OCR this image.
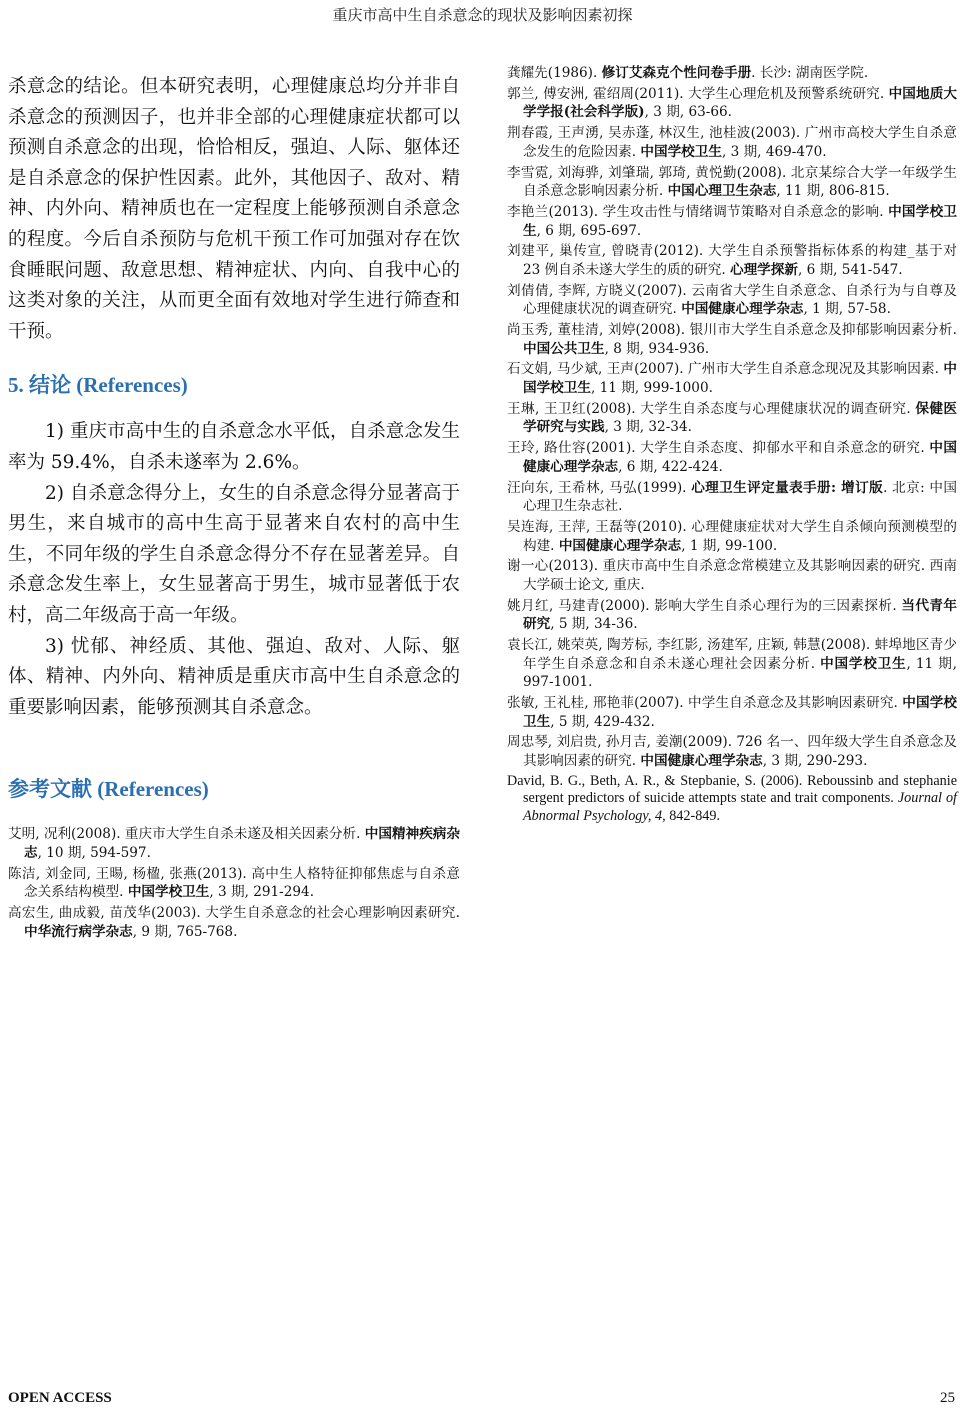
重庆市高中生自杀意念的现状及影响因素初探

杀意念的结论。但本研究表明，心理健康总均分并非自杀意念的预测因子，也并非全部的心理健康症状都可以预测自杀意念的出现，恰恰相反，强迫、人际、躯体还是自杀意念的保护性因素。此外，其他因子、敌对、精神、内外向、精神质也在一定程度上能够预测自杀意念的程度。今后自杀预防与危机干预工作可加强对存在饮食睡眠问题、敌意思想、精神症状、内向、自我中心的这类对象的关注，从而更全面有效地对学生进行筛查和干预。

5. 结论 (References)

1) 重庆市高中生的自杀意念水平低，自杀意念发生率为 59.4%，自杀未遂率为 2.6%。

2) 自杀意念得分上，女生的自杀意念得分显著高于男生，来自城市的高中生高于显著来自农村的高中生生，不同年级的学生自杀意念得分不存在显著差异。自杀意念发生率上，女生显著高于男生，城市显著低于农村，高二年级高于高一年级。

3) 忧郁、神经质、其他、强迫、敌对、人际、躯体、精神、内外向、精神质是重庆市高中生自杀意念的重要影响因素，能够预测其自杀意念。

参考文献 (References)
艾明, 况利(2008). 重庆市大学生自杀未遂及相关因素分析. 中国精神疾病杂志, 10 期, 594-597.
陈洁, 刘金同, 王暘, 杨楹, 张燕(2013). 高中生人格特征抑郁焦虑与自杀意念关系结构模型. 中国学校卫生, 3 期, 291-294.
高宏生, 曲成毅, 苗茂华(2003). 大学生自杀意念的社会心理影响因素研究. 中华流行病学杂志, 9 期, 765-768.
龚耀先(1986). 修订艾森克个性问卷手册. 长沙: 湖南医学院.
郭兰, 傅安洲, 霍绍周(2011). 大学生心理危机及预警系统研究. 中国地质大学学报(社会科学版), 3 期, 63-66.
荆春霞, 王声湧, 吴赤蓬, 林汉生, 池桂波(2003). 广州市高校大学生自杀意念发生的危险因素. 中国学校卫生, 3 期, 469-470.
李雪霓, 刘海骅, 刘肇瑞, 郭琦, 黄悦勤(2008). 北京某综合大学一年级学生自杀意念影响因素分析. 中国心理卫生杂志, 11 期, 806-815.
李艳兰(2013). 学生攻击性与情绪调节策略对自杀意念的影响. 中国学校卫生, 6 期, 695-697.
刘建平, 巢传宣, 曾晓青(2012). 大学生自杀预警指标体系的构建_基于对 23 例自杀未遂大学生的质的研究. 心理学探新, 6 期, 541-547.
刘倩倩, 李辉, 方晓义(2007). 云南省大学生自杀意念、自杀行为与自尊及心理健康状况的调查研究. 中国健康心理学杂志, 1 期, 57-58.
尚玉秀, 董桂清, 刘婷(2008). 银川市大学生自杀意念及抑郁影响因素分析. 中国公共卫生, 8 期, 934-936.
石文娟, 马少斌, 王声(2007). 广州市大学生自杀意念现况及其影响因素. 中国学校卫生, 11 期, 999-1000.
王琳, 王卫红(2008). 大学生自杀态度与心理健康状况的调查研究. 保健医学研究与实践, 3 期, 32-34.
王玲, 路仕容(2001). 大学生自杀态度、抑郁水平和自杀意念的研究. 中国健康心理学杂志, 6 期, 422-424.
汪向东, 王希林, 马弘(1999). 心理卫生评定量表手册: 增订版. 北京: 中国心理卫生杂志社.
吴连海, 王萍, 王磊等(2010). 心理健康症状对大学生自杀倾向预测模型的构建. 中国健康心理学杂志, 1 期, 99-100.
谢一心(2013). 重庆市高中生自杀意念常模建立及其影响因素的研究. 西南大学硕士论文, 重庆.
姚月红, 马建青(2000). 影响大学生自杀心理行为的三因素探析. 当代青年研究, 5 期, 34-36.
袁长江, 姚荣英, 陶芳标, 李红影, 汤建军, 庄颖, 韩慧(2008). 蚌埠地区青少年学生自杀意念和自杀未遂心理社会因素分析. 中国学校卫生, 11 期, 997-1001.
张敏, 王礼桂, 邢艳菲(2007). 中学生自杀意念及其影响因素研究. 中国学校卫生, 5 期, 429-432.
周忠琴, 刘启贵, 孙月吉, 姜潮(2009). 726 名一、四年级大学生自杀意念及其影响因素的研究. 中国健康心理学杂志, 3 期, 290-293.
David, B. G., Beth, A. R., & Stepbanie, S. (2006). Reboussinb and stephanie sergent predictors of suicide attempts state and trait components. Journal of Abnormal Psychology, 4, 842-849.
OPEN ACCESS	25
